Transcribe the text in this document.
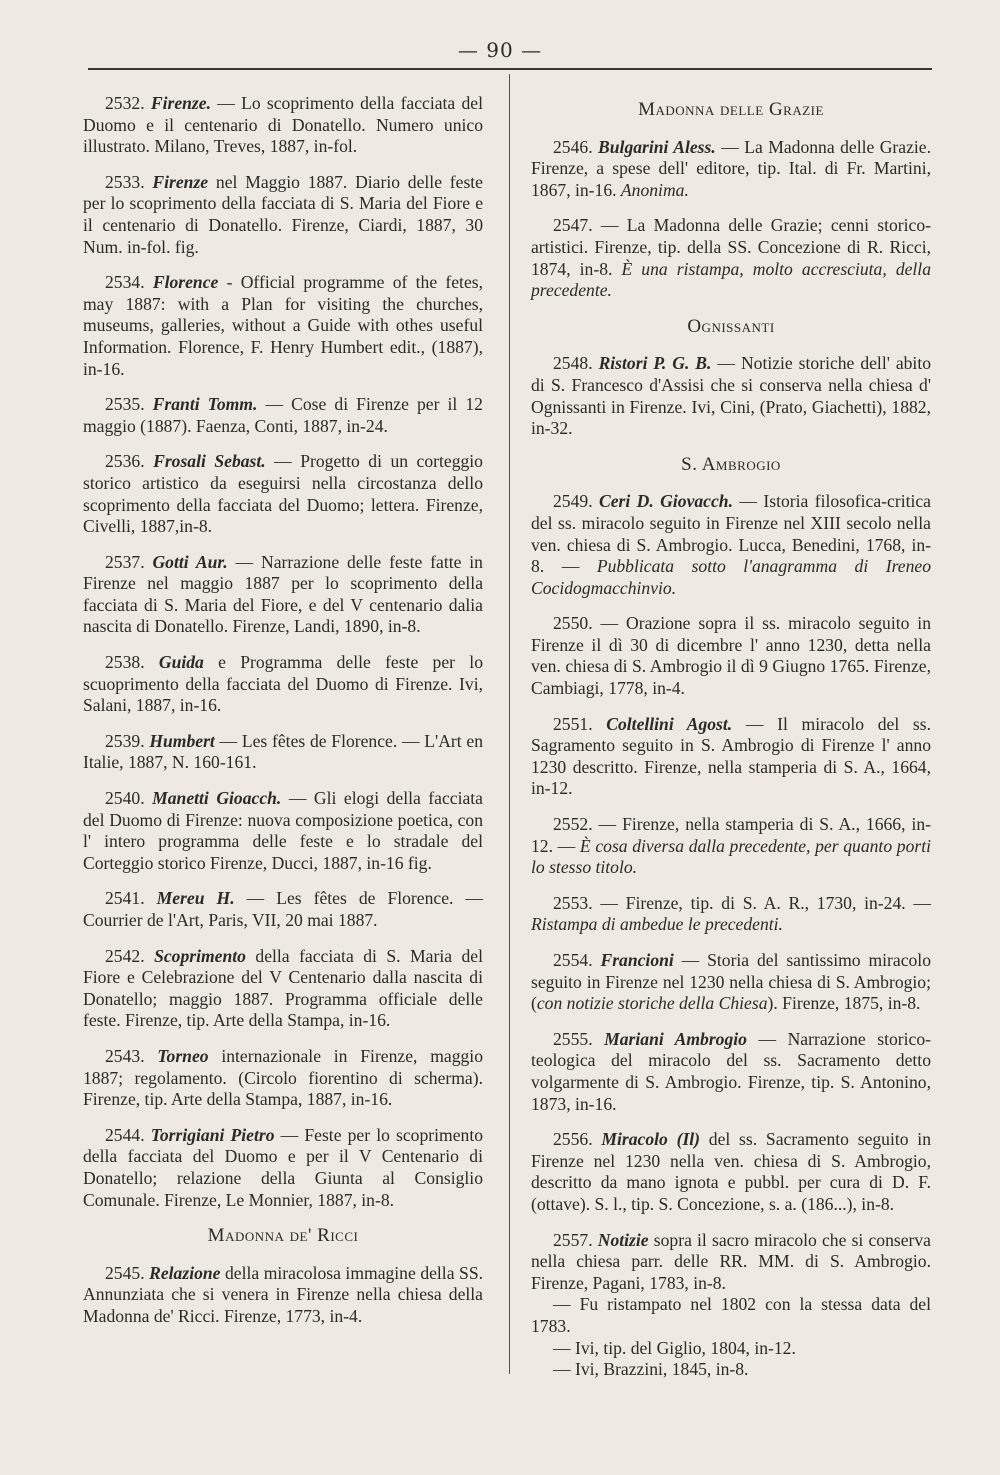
— 90 —

2532. Firenze. — Lo scoprimento della facciata del Duomo e il centenario di Donatello. Numero unico illustrato. Milano, Treves, 1887, in-fol.

2533. Firenze nel Maggio 1887. Diario delle feste per lo scoprimento della facciata di S. Maria del Fiore e il centenario di Donatello. Firenze, Ciardi, 1887, 30 Num. in-fol. fig.

2534. Florence - Official programme of the fetes, may 1887: with a Plan for visiting the churches, museums, galleries, without a Guide with othes useful Information. Florence, F. Henry Humbert edit., (1887), in-16.

2535. Franti Tomm. — Cose di Firenze per il 12 maggio (1887). Faenza, Conti, 1887, in-24.

2536. Frosali Sebast. — Progetto di un corteggio storico artistico da eseguirsi nella circostanza dello scoprimento della facciata del Duomo; lettera. Firenze, Civelli, 1887,in-8.

2537. Gotti Aur. — Narrazione delle feste fatte in Firenze nel maggio 1887 per lo scoprimento della facciata di S. Maria del Fiore, e del V centenario dalia nascita di Donatello. Firenze, Landi, 1890, in-8.

2538. Guida e Programma delle feste per lo scuoprimento della facciata del Duomo di Firenze. Ivi, Salani, 1887, in-16.

2539. Humbert — Les fêtes de Florence. — L'Art en Italie, 1887, N. 160-161.

2540. Manetti Gioacch. — Gli elogi della facciata del Duomo di Firenze: nuova composizione poetica, con l' intero programma delle feste e lo stradale del Corteggio storico Firenze, Ducci, 1887, in-16 fig.

2541. Mereu H. — Les fêtes de Florence. — Courrier de l'Art, Paris, VII, 20 mai 1887.

2542. Scoprimento della facciata di S. Maria del Fiore e Celebrazione del V Centenario dalla nascita di Donatello; maggio 1887. Programma officiale delle feste. Firenze, tip. Arte della Stampa, in-16.

2543. Torneo internazionale in Firenze, maggio 1887; regolamento. (Circolo fiorentino di scherma). Firenze, tip. Arte della Stampa, 1887, in-16.

2544. Torrigiani Pietro — Feste per lo scoprimento della facciata del Duomo e per il V Centenario di Donatello; relazione della Giunta al Consiglio Comunale. Firenze, Le Monnier, 1887, in-8.

Madonna de' Ricci

2545. Relazione della miracolosa immagine della SS. Annunziata che si venera in Firenze nella chiesa della Madonna de' Ricci. Firenze, 1773, in-4.

Madonna delle Grazie

2546. Bulgarini Aless. — La Madonna delle Grazie. Firenze, a spese dell' editore, tip. Ital. di Fr. Martini, 1867, in-16. Anonima.

2547. — La Madonna delle Grazie; cenni storico-artistici. Firenze, tip. della SS. Concezione di R. Ricci, 1874, in-8. È una ristampa, molto accresciuta, della precedente.

Ognissanti

2548. Ristori P. G. B. — Notizie storiche dell' abito di S. Francesco d'Assisi che si conserva nella chiesa d' Ognissanti in Firenze. Ivi, Cini, (Prato, Giachetti), 1882, in-32.

S. Ambrogio

2549. Ceri D. Giovacch. — Istoria filosofica-critica del ss. miracolo seguito in Firenze nel XIII secolo nella ven. chiesa di S. Ambrogio. Lucca, Benedini, 1768, in-8. — Pubblicata sotto l'anagramma di Ireneo Cocidogmacchinvio.

2550. — Orazione sopra il ss. miracolo seguito in Firenze il dì 30 di dicembre l' anno 1230, detta nella ven. chiesa di S. Ambrogio il dì 9 Giugno 1765. Firenze, Cambiagi, 1778, in-4.

2551. Coltellini Agost. — Il miracolo del ss. Sagramento seguito in S. Ambrogio di Firenze l' anno 1230 descritto. Firenze, nella stamperia di S. A., 1664, in-12.

2552. — Firenze, nella stamperia di S. A., 1666, in-12. — È cosa diversa dalla precedente, per quanto porti lo stesso titolo.

2553. — Firenze, tip. di S. A. R., 1730, in-24. — Ristampa di ambedue le precedenti.

2554. Francioni — Storia del santissimo miracolo seguito in Firenze nel 1230 nella chiesa di S. Ambrogio; (con notizie storiche della Chiesa). Firenze, 1875, in-8.

2555. Mariani Ambrogio — Narrazione storico-teologica del miracolo del ss. Sacramento detto volgarmente di S. Ambrogio. Firenze, tip. S. Antonino, 1873, in-16.

2556. Miracolo (Il) del ss. Sacramento seguito in Firenze nel 1230 nella ven. chiesa di S. Ambrogio, descritto da mano ignota e pubbl. per cura di D. F. (ottave). S. l., tip. S. Concezione, s. a. (186...), in-8.

2557. Notizie sopra il sacro miracolo che si conserva nella chiesa parr. delle RR. MM. di S. Ambrogio. Firenze, Pagani, 1783, in-8.

— Fu ristampato nel 1802 con la stessa data del 1783.

— Ivi, tip. del Giglio, 1804, in-12.

— Ivi, Brazzini, 1845, in-8.
